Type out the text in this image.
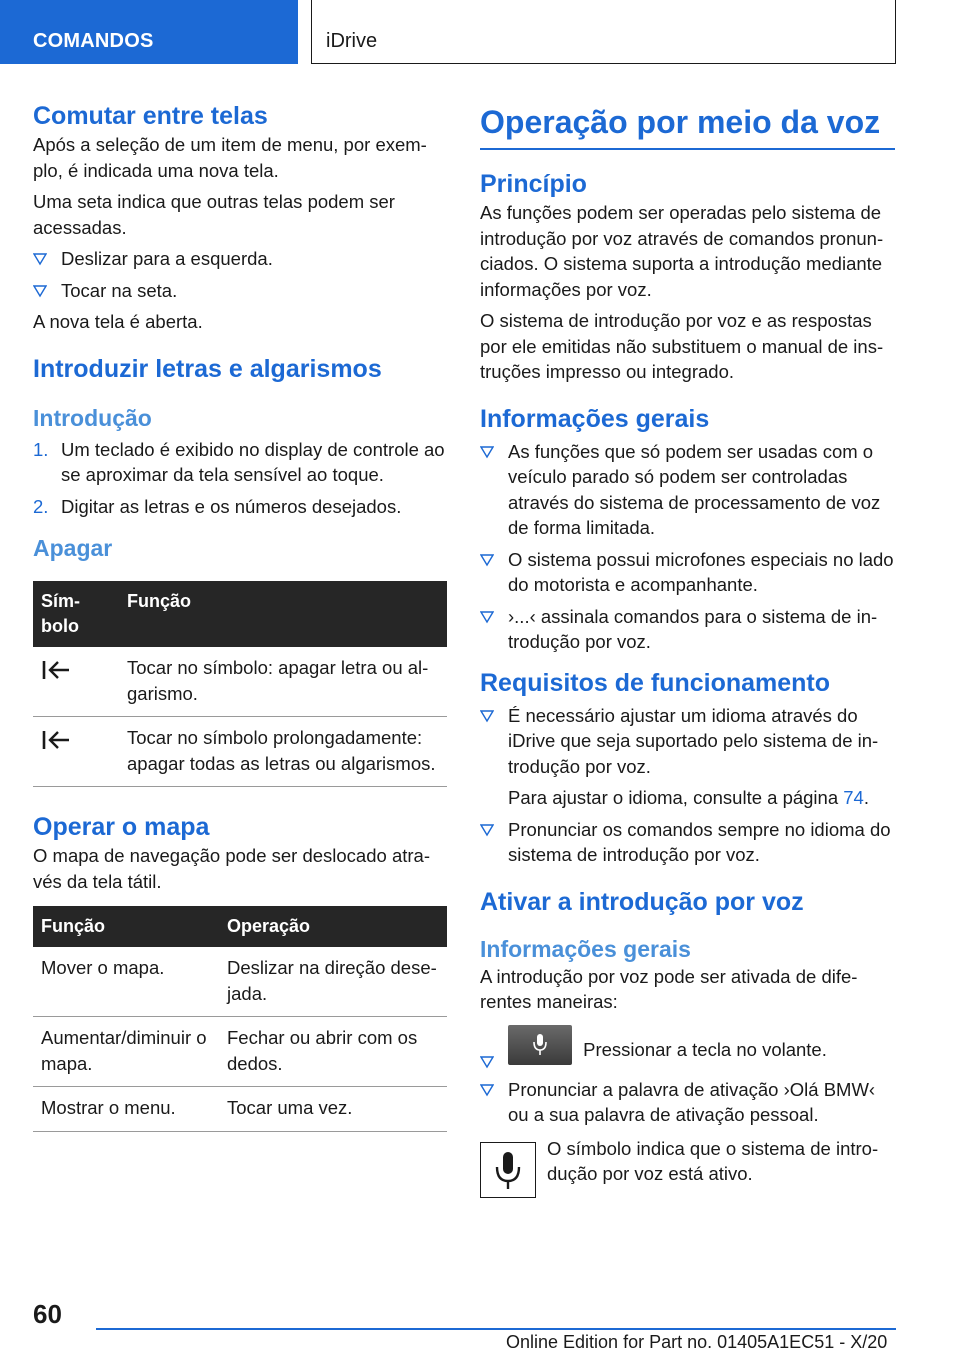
COMANDOS	iDrive
Comutar entre telas

Após a seleção de um item de menu, por exem-plo, é indicada uma nova tela.

Uma seta indica que outras telas podem ser acessadas.

Deslizar para a esquerda.
Tocar na seta.

A nova tela é aberta.

Introduzir letras e algarismos
Introdução
1. Um teclado é exibido no display de controle ao se aproximar da tela sensível ao toque.
2. Digitar as letras e os números desejados.
Apagar
Sím-bolo	Função
	Tocar no símbolo: apagar letra ou al-garismo.
	Tocar no símbolo prolongadamente: apagar todas as letras ou algarismos.
Operar o mapa

O mapa de navegação pode ser deslocado atra-vés da tela tátil.

Função	Operação
Mover o mapa.	Deslizar na direção dese-jada.
Aumentar/diminuir o mapa.	Fechar ou abrir com os dedos.
Mostrar o menu.	Tocar uma vez.
Operação por meio da voz
Princípio

As funções podem ser operadas pelo sistema de introdução por voz através de comandos pronun-ciados. O sistema suporta a introdução mediante informações por voz.

O sistema de introdução por voz e as respostas por ele emitidas não substituem o manual de ins-truções impresso ou integrado.

Informações gerais
As funções que só podem ser usadas com o veículo parado só podem ser controladas através do sistema de processamento de voz de forma limitada.
O sistema possui microfones especiais no lado do motorista e acompanhante.
›...‹ assinala comandos para o sistema de in-trodução por voz.
Requisitos de funcionamento
É necessário ajustar um idioma através do iDrive que seja suportado pelo sistema de in-trodução por voz.
Para ajustar o idioma, consulte a página 74.
Pronunciar os comandos sempre no idioma do sistema de introdução por voz.
Ativar a introdução por voz
Informações gerais

A introdução por voz pode ser ativada de dife-rentes maneiras:

Pressionar a tecla no volante.
Pronunciar a palavra de ativação ›Olá BMW‹ ou a sua palavra de ativação pessoal.

O símbolo indica que o sistema de intro-dução por voz está ativo.

60
Online Edition for Part no. 01405A1EC51 - X/20
